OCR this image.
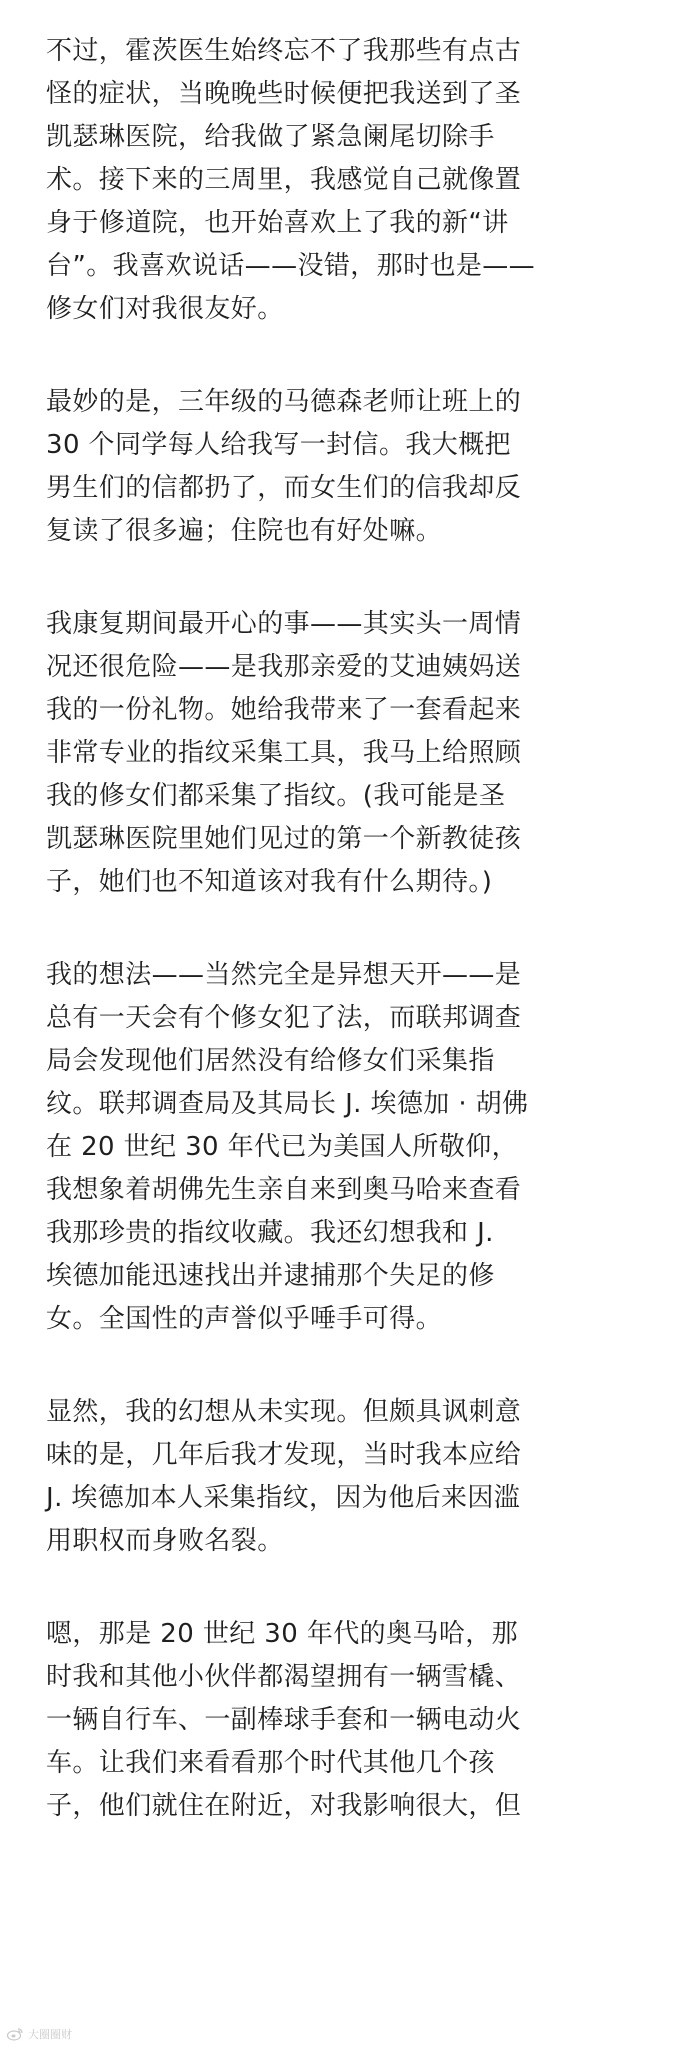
不过，霍茨医生始终忘不了我那些有点古
怪的症状，当晚晚些时候便把我送到了圣
凯瑟琳医院，给我做了紧急阑尾切除手
术。接下来的三周里，我感觉自己就像置
身于修道院，也开始喜欢上了我的新“讲
台”。我喜欢说话——没错，那时也是——
修女们对我很友好。

最妙的是，三年级的马德森老师让班上的
30 个同学每人给我写一封信。我大概把
男生们的信都扔了，而女生们的信我却反
复读了很多遍；住院也有好处嘛。

我康复期间最开心的事——其实头一周情
况还很危险——是我那亲爱的艾迪姨妈送
我的一份礼物。她给我带来了一套看起来
非常专业的指纹采集工具，我马上给照顾
我的修女们都采集了指纹。(我可能是圣
凯瑟琳医院里她们见过的第一个新教徒孩
子，她们也不知道该对我有什么期待。)

我的想法——当然完全是异想天开——是
总有一天会有个修女犯了法，而联邦调查
局会发现他们居然没有给修女们采集指
纹。联邦调查局及其局长 J. 埃德加 · 胡佛
在 20 世纪 30 年代已为美国人所敬仰，
我想象着胡佛先生亲自来到奥马哈来查看
我那珍贵的指纹收藏。我还幻想我和 J.
埃德加能迅速找出并逮捕那个失足的修
女。全国性的声誉似乎唾手可得。

显然，我的幻想从未实现。但颇具讽刺意
味的是，几年后我才发现，当时我本应给
J. 埃德加本人采集指纹，因为他后来因滥
用职权而身败名裂。

嗯，那是 20 世纪 30 年代的奥马哈，那
时我和其他小伙伴都渴望拥有一辆雪橇、
一辆自行车、一副棒球手套和一辆电动火
车。让我们来看看那个时代其他几个孩
子，他们就住在附近，对我影响很大，但

大圈圈财
